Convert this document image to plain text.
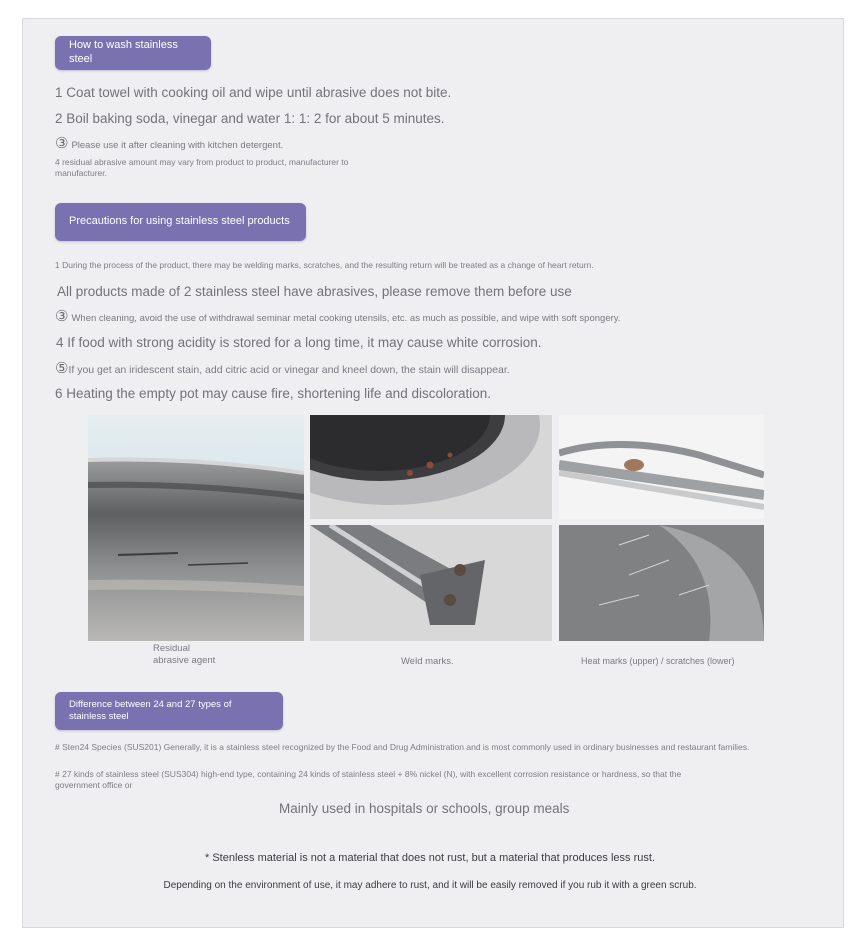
How to wash stainless steel
1 Coat towel with cooking oil and wipe until abrasive does not bite.
2 Boil baking soda, vinegar and water 1: 1: 2 for about 5 minutes.
③ Please use it after cleaning with kitchen detergent.
4 residual abrasive amount may vary from product to product, manufacturer to manufacturer.
Precautions for using stainless steel products
1 During the process of the product, there may be welding marks, scratches, and the resulting return will be treated as a change of heart return.
All products made of 2 stainless steel have abrasives, please remove them before use
③ When cleaning, avoid the use of withdrawal seminar metal cooking utensils, etc. as much as possible, and wipe with soft spongery.
4 If food with strong acidity is stored for a long time, it may cause white corrosion.
⑤If you get an iridescent stain, add citric acid or vinegar and kneel down, the stain will disappear.
6 Heating the empty pot may cause fire, shortening life and discoloration.
Residual abrasive agent	Weld marks.	Heat marks (upper) / scratches (lower)
Difference between 24 and 27 types of stainless steel
# Sten24 Species (SUS201) Generally, it is a stainless steel recognized by the Food and Drug Administration and is most commonly used in ordinary businesses and restaurant families.
# 27 kinds of stainless steel (SUS304) high-end type, containing 24 kinds of stainless steel + 8% nickel (N), with excellent corrosion resistance or hardness, so that the government office or
Mainly used in hospitals or schools, group meals
* Stenless material is not a material that does not rust, but a material that produces less rust.
Depending on the environment of use, it may adhere to rust, and it will be easily removed if you rub it with a green scrub.
